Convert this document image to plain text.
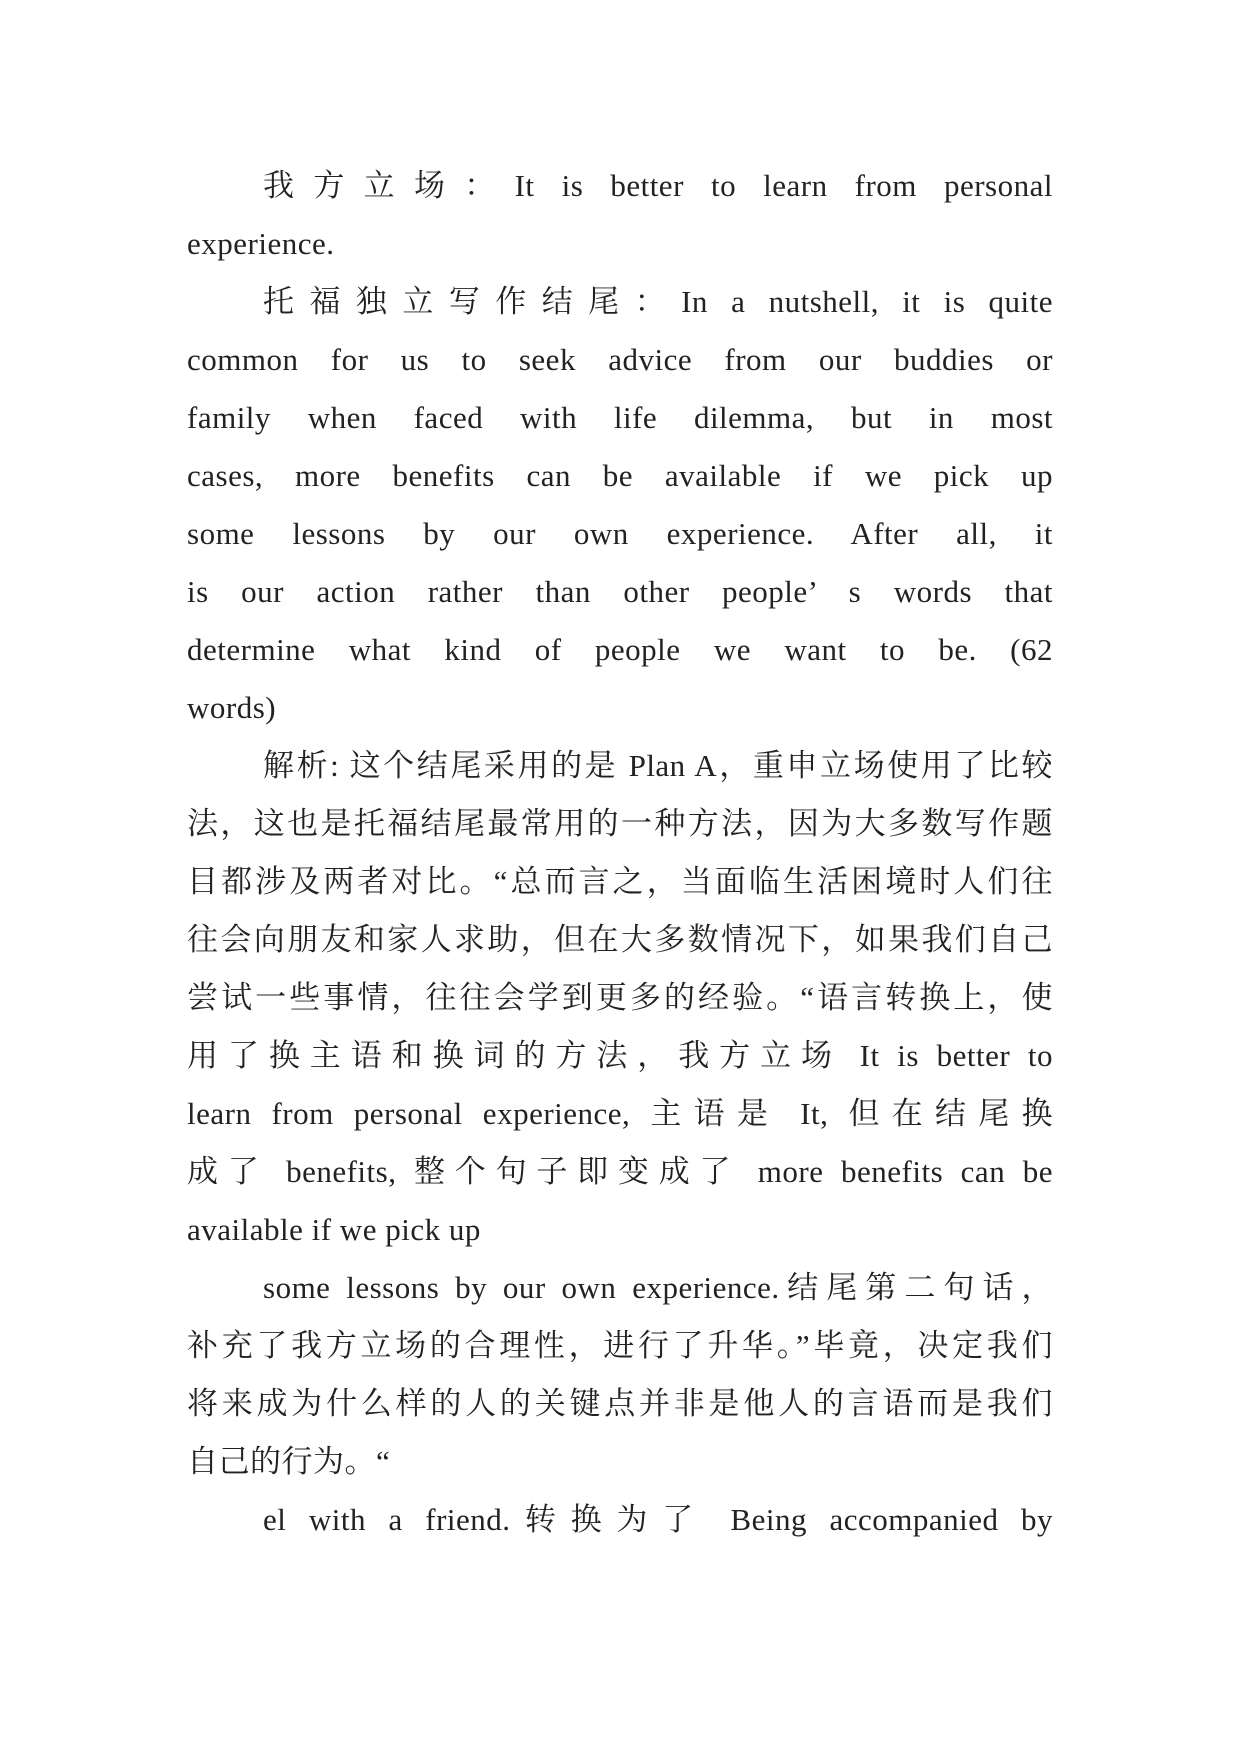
我方立场：It is better to learn from personal
experience.
托福独立写作结尾：In a nutshell, it is quite
common for us to seek advice from our buddies or
family when faced with life dilemma, but in most
cases, more benefits can be available if we pick up
some lessons by our own experience. After all, it
is our action rather than other people’ s words that
determine what kind of people we want to be. (62
words)
解析: 这个结尾采用的是 Plan A，重申立场使用了比较
法，这也是托福结尾最常用的一种方法，因为大多数写作题
目都涉及两者对比。“总而言之，当面临生活困境时人们往
往会向朋友和家人求助，但在大多数情况下，如果我们自己
尝试一些事情，往往会学到更多的经验。“语言转换上，使
用了换主语和换词的方法，我方立场 It is better to
learn from personal experience, 主语是 It, 但在结尾换
成了 benefits, 整个句子即变成了 more benefits can be
available if we pick up
some lessons by our own experience.结尾第二句话，
补充了我方立场的合理性，进行了升华。”毕竟，决定我们
将来成为什么样的人的关键点并非是他人的言语而是我们
自己的行为。“
el with a friend.转换为了 Being accompanied by
